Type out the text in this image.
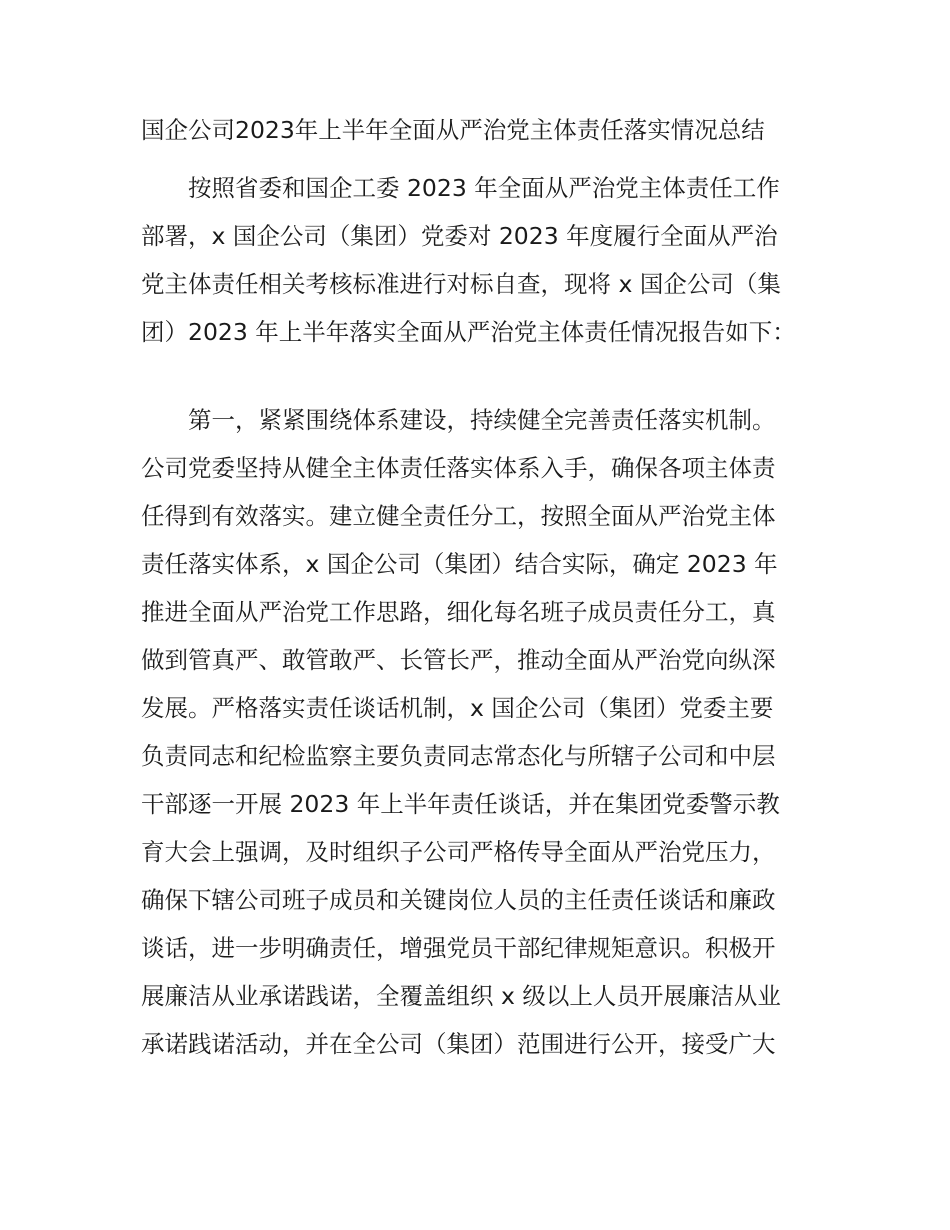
国企公司2023年上半年全面从严治党主体责任落实情况总结
按照省委和国企工委 2023 年全面从严治党主体责任工作
部署，x 国企公司（集团）党委对 2023 年度履行全面从严治
党主体责任相关考核标准进行对标自查，现将 x 国企公司（集
团）2023 年上半年落实全面从严治党主体责任情况报告如下：
第一，紧紧围绕体系建设，持续健全完善责任落实机制。
公司党委坚持从健全主体责任落实体系入手，确保各项主体责
任得到有效落实。建立健全责任分工，按照全面从严治党主体
责任落实体系，x 国企公司（集团）结合实际，确定 2023 年
推进全面从严治党工作思路，细化每名班子成员责任分工，真
做到管真严、敢管敢严、长管长严，推动全面从严治党向纵深
发展。严格落实责任谈话机制，x 国企公司（集团）党委主要
负责同志和纪检监察主要负责同志常态化与所辖子公司和中层
干部逐一开展 2023 年上半年责任谈话，并在集团党委警示教
育大会上强调，及时组织子公司严格传导全面从严治党压力，
确保下辖公司班子成员和关键岗位人员的主任责任谈话和廉政
谈话，进一步明确责任，增强党员干部纪律规矩意识。积极开
展廉洁从业承诺践诺，全覆盖组织 x 级以上人员开展廉洁从业
承诺践诺活动，并在全公司（集团）范围进行公开，接受广大
